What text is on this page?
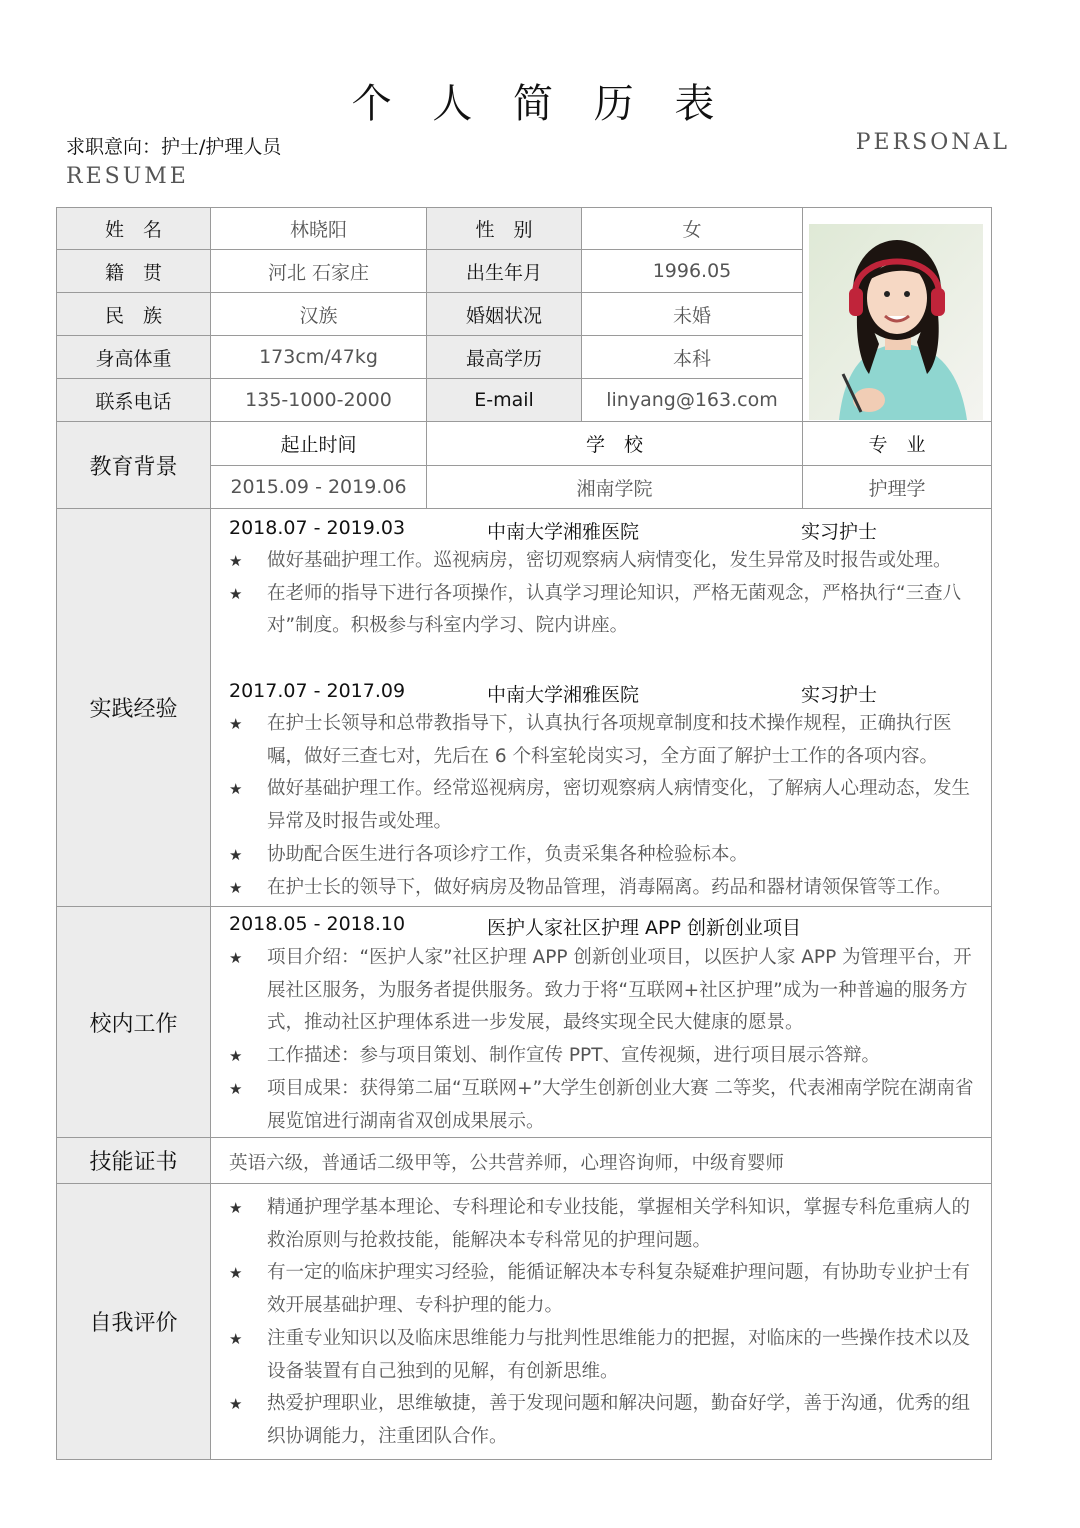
个 人 简 历 表
求职意向：护士/护理人员	PERSONAL
RESUME
姓　名	林晓阳	性　别	女
籍　贯	河北 石家庄	出生年月	1996.05
民　族	汉族	婚姻状况	未婚
身高体重	173cm/47kg	最高学历	本科
联系电话	135-1000-2000	E-mail	linyang@163.com
教育背景
起止时间	学　校	专　业
2015.09 - 2019.06	湘南学院	护理学
实践经验
2018.07 - 2019.03	中南大学湘雅医院	实习护士
★ 做好基础护理工作。巡视病房，密切观察病人病情变化，发生异常及时报告或处理。
★ 在老师的指导下进行各项操作，认真学习理论知识，严格无菌观念，严格执行“三查八对”制度。积极参与科室内学习、院内讲座。
2017.07 - 2017.09	中南大学湘雅医院	实习护士
★ 在护士长领导和总带教指导下，认真执行各项规章制度和技术操作规程，正确执行医嘱，做好三查七对，先后在 6 个科室轮岗实习，全方面了解护士工作的各项内容。
★ 做好基础护理工作。经常巡视病房，密切观察病人病情变化，了解病人心理动态，发生异常及时报告或处理。
★ 协助配合医生进行各项诊疗工作，负责采集各种检验标本。
★ 在护士长的领导下，做好病房及物品管理，消毒隔离。药品和器材请领保管等工作。
校内工作
2018.05 - 2018.10	医护人家社区护理 APP 创新创业项目
★ 项目介绍：“医护人家”社区护理 APP 创新创业项目，以医护人家 APP 为管理平台，开展社区服务，为服务者提供服务。致力于将“互联网+社区护理”成为一种普遍的服务方式，推动社区护理体系进一步发展，最终实现全民大健康的愿景。
★ 工作描述：参与项目策划、制作宣传 PPT、宣传视频，进行项目展示答辩。
★ 项目成果：获得第二届“互联网+”大学生创新创业大赛 二等奖，代表湘南学院在湖南省展览馆进行湖南省双创成果展示。
技能证书	英语六级，普通话二级甲等，公共营养师，心理咨询师，中级育婴师
自我评价
★ 精通护理学基本理论、专科理论和专业技能，掌握相关学科知识，掌握专科危重病人的救治原则与抢救技能，能解决本专科常见的护理问题。
★ 有一定的临床护理实习经验，能循证解决本专科复杂疑难护理问题，有协助专业护士有效开展基础护理、专科护理的能力。
★ 注重专业知识以及临床思维能力与批判性思维能力的把握，对临床的一些操作技术以及设备装置有自己独到的见解，有创新思维。
★ 热爱护理职业，思维敏捷，善于发现问题和解决问题，勤奋好学，善于沟通，优秀的组织协调能力，注重团队合作。
